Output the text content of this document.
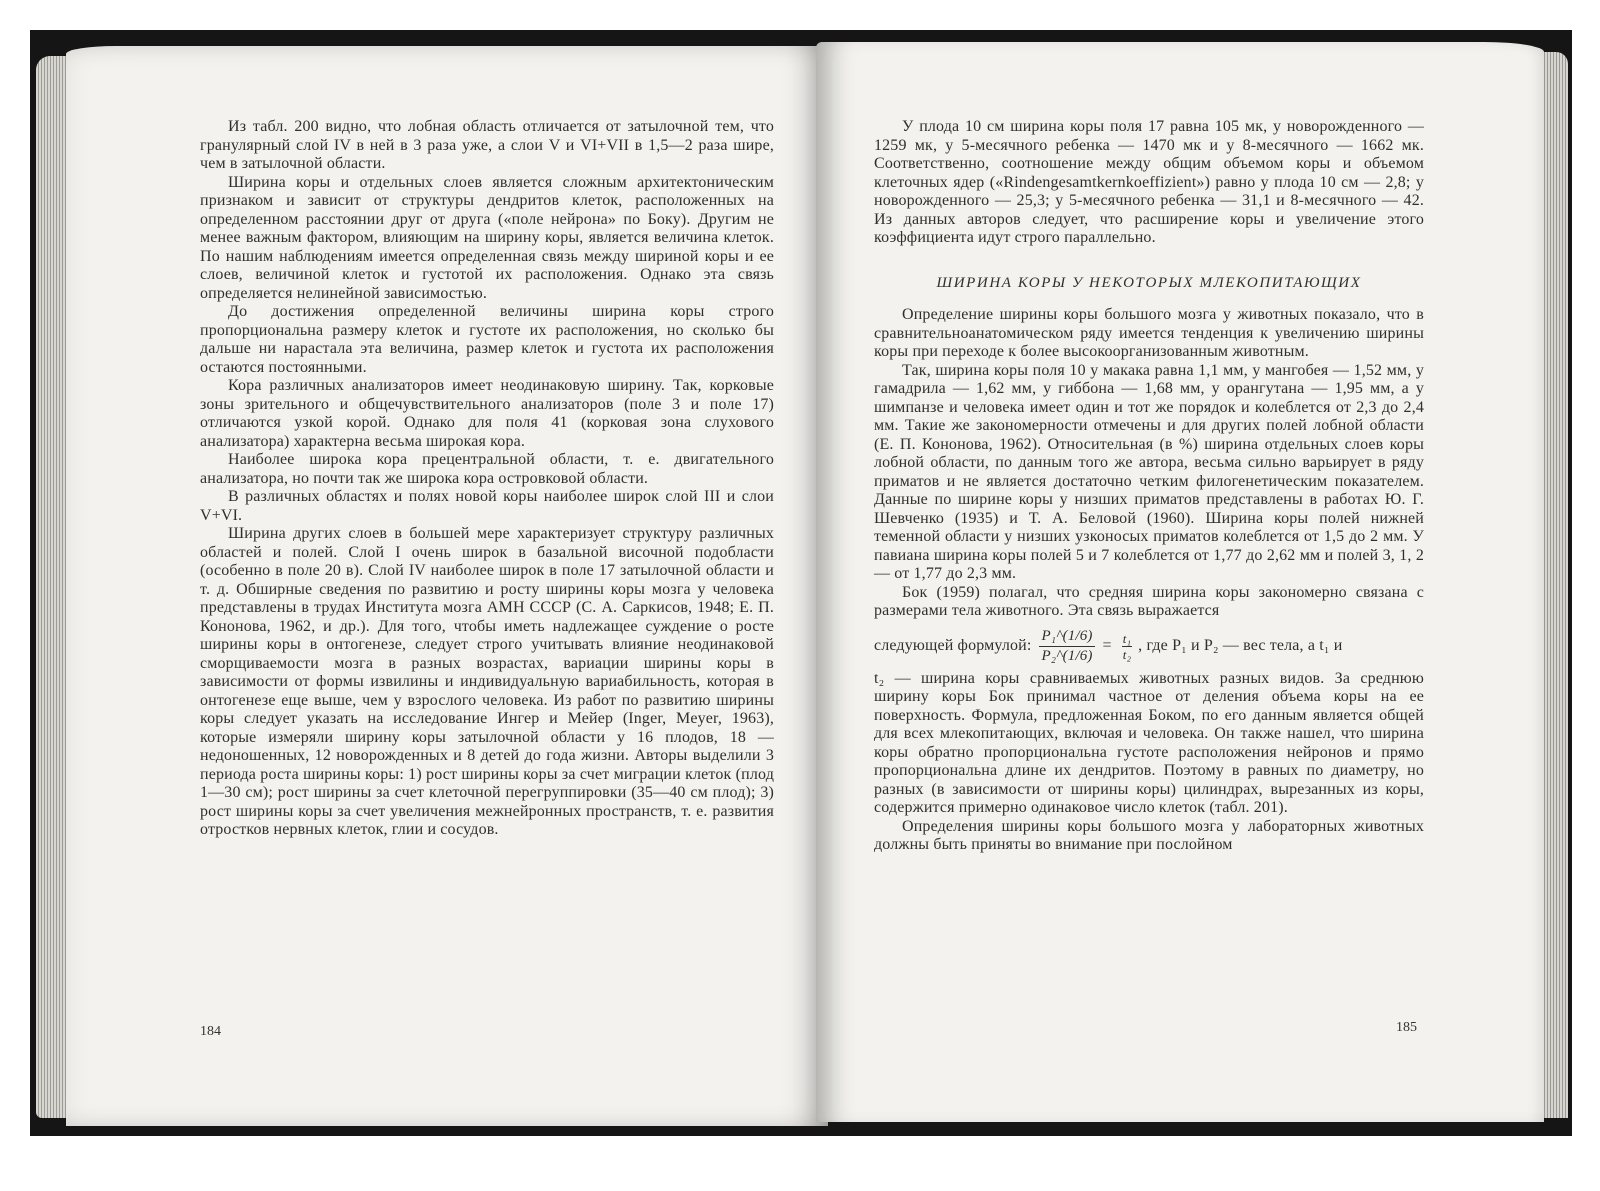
Из табл. 200 видно, что лобная область отличается от затылочной тем, что гранулярный слой IV в ней в 3 раза уже, а слои V и VI+VII в 1,5—2 раза шире, чем в затылочной области.

Ширина коры и отдельных слоев является сложным архитектоническим признаком и зависит от структуры дендритов клеток, расположенных на определенном расстоянии друг от друга («поле нейрона» по Боку). Другим не менее важным фактором, влияющим на ширину коры, является величина клеток. По нашим наблюдениям имеется определенная связь между шириной коры и ее слоев, величиной клеток и густотой их расположения. Однако эта связь определяется нелинейной зависимостью.

До достижения определенной величины ширина коры строго пропорциональна размеру клеток и густоте их расположения, но сколько бы дальше ни нарастала эта величина, размер клеток и густота их расположения остаются постоянными.

Кора различных анализаторов имеет неодинаковую ширину. Так, корковые зоны зрительного и общечувствительного анализаторов (поле 3 и поле 17) отличаются узкой корой. Однако для поля 41 (корковая зона слухового анализатора) характерна весьма широкая кора.

Наиболее широка кора прецентральной области, т. е. двигательного анализатора, но почти так же широка кора островковой области.

В различных областях и полях новой коры наиболее широк слой III и слои V+VI.

Ширина других слоев в большей мере характеризует структуру различных областей и полей. Слой I очень широк в базальной височной подобласти (особенно в поле 20 в). Слой IV наиболее широк в поле 17 затылочной области и т. д. Обширные сведения по развитию и росту ширины коры мозга у человека представлены в трудах Института мозга АМН СССР (С. А. Саркисов, 1948; Е. П. Кононова, 1962, и др.). Для того, чтобы иметь надлежащее суждение о росте ширины коры в онтогенезе, следует строго учитывать влияние неодинаковой сморщиваемости мозга в разных возрастах, вариации ширины коры в зависимости от формы извилины и индивидуальную вариабильность, которая в онтогенезе еще выше, чем у взрослого человека. Из работ по развитию ширины коры следует указать на исследование Ингер и Мейер (Inger, Meyer, 1963), которые измеряли ширину коры затылочной области у 16 плодов, 18 — недоношенных, 12 новорожденных и 8 детей до года жизни. Авторы выделили 3 периода роста ширины коры: 1) рост ширины коры за счет миграции клеток (плод 1—30 см); рост ширины за счет клеточной перегруппировки (35—40 см плод); 3) рост ширины коры за счет увеличения межнейронных пространств, т. е. развития отростков нервных клеток, глии и сосудов.

184

У плода 10 см ширина коры поля 17 равна 105 мк, у новорожденного — 1259 мк, у 5-месячного ребенка — 1470 мк и у 8-месячного — 1662 мк. Соответственно, соотношение между общим объемом коры и объемом клеточных ядер («Rindengesamtkernkoeffizient») равно у плода 10 см — 2,8; у новорожденного — 25,3; у 5-месячного ребенка — 31,1 и 8-месячного — 42. Из данных авторов следует, что расширение коры и увеличение этого коэффициента идут строго параллельно.

ШИРИНА КОРЫ У НЕКОТОРЫХ МЛЕКОПИТАЮЩИХ

Определение ширины коры большого мозга у животных показало, что в сравнительноанатомическом ряду имеется тенденция к увеличению ширины коры при переходе к более высокоорганизованным животным.

Так, ширина коры поля 10 у макака равна 1,1 мм, у мангобея — 1,52 мм, у гамадрила — 1,62 мм, у гиббона — 1,68 мм, у орангутана — 1,95 мм, а у шимпанзе и человека имеет один и тот же порядок и колеблется от 2,3 до 2,4 мм. Такие же закономерности отмечены и для других полей лобной области (Е. П. Кононова, 1962). Относительная (в %) ширина отдельных слоев коры лобной области, по данным того же автора, весьма сильно варьирует в ряду приматов и не является достаточно четким филогенетическим показателем. Данные по ширине коры у низших приматов представлены в работах Ю. Г. Шевченко (1935) и Т. А. Беловой (1960). Ширина коры полей нижней теменной области у низших узконосых приматов колеблется от 1,5 до 2 мм. У павиана ширина коры полей 5 и 7 колеблется от 1,77 до 2,62 мм и полей 3, 1, 2 — от 1,77 до 2,3 мм.

Бок (1959) полагал, что средняя ширина коры закономерно связана с размерами тела животного. Эта связь выражается

следующей формулой: $\frac{\text{P₁\textasciicircum{}(1/6)}}{\text{P₂\textasciicircum{}(1/6)}} = \frac{\text{t₁}}{\text{t₂}}$ , где P₁ и P₂ — вес тела, а t₁ и

t₂ — ширина коры сравниваемых животных разных видов. За среднюю ширину коры Бок принимал частное от деления объема коры на ее поверхность. Формула, предложенная Боком, по его данным является общей для всех млекопитающих, включая и человека. Он также нашел, что ширина коры обратно пропорциональна густоте расположения нейронов и прямо пропорциональна длине их дендритов. Поэтому в равных по диаметру, но разных (в зависимости от ширины коры) цилиндрах, вырезанных из коры, содержится примерно одинаковое число клеток (табл. 201).

Определения ширины коры большого мозга у лабораторных животных должны быть приняты во внимание при послойном

185
